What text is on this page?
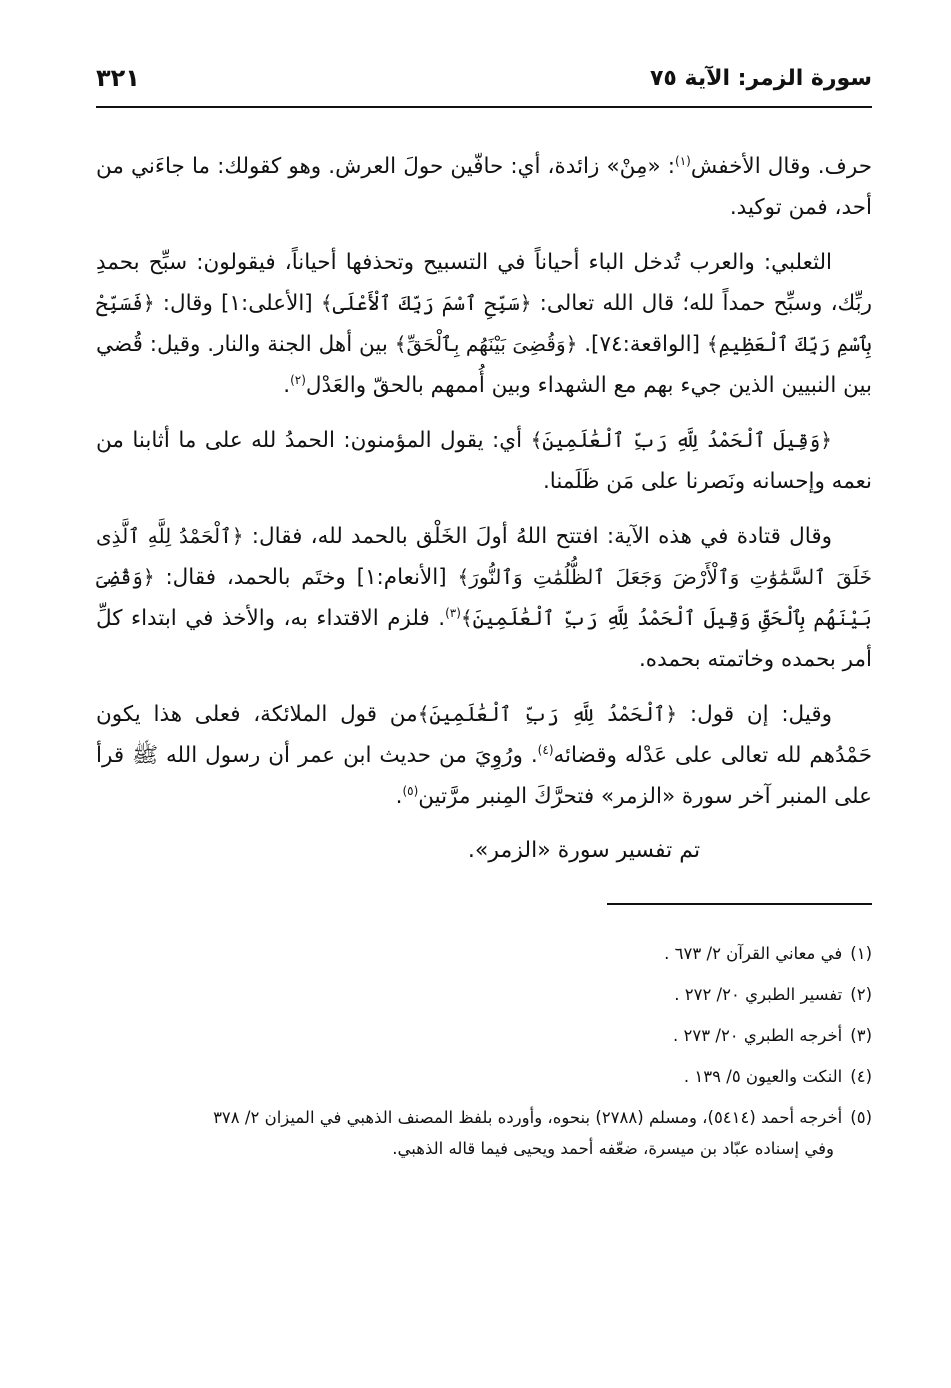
سورة الزمر: الآية ٧٥
٣٢١

حرف. وقال الأخفش$^{(١)}$: «مِنْ» زائدة، أي: حافّين حولَ العرش. وهو كقولك: ما جاءَني من أحد، فمن توكيد.

الثعلبي: والعرب تُدخل الباء أحياناً في التسبيح وتحذفها أحياناً، فيقولون: سبِّح بحمدِ ربِّك، وسبِّح حمداً لله؛ قال الله تعالى: ﴿سَبِّحِ ٱسْمَ رَبِّكَ ٱلْأَعْلَى﴾ [الأعلى:١] وقال: ﴿فَسَبِّحْ بِٱسْمِ رَبِّكَ ٱلْعَظِيمِ﴾ [الواقعة:٧٤]. ﴿وَقُضِىَ بَيْنَهُم بِٱلْحَقِّ﴾ بين أهل الجنة والنار. وقيل: قُضي بين النبيين الذين جيء بهم مع الشهداء وبين أُممهم بالحقّ والعَدْل$^{(٢)}$.

﴿وَقِيلَ ٱلْحَمْدُ لِلَّهِ رَبِّ ٱلْعَٰلَمِينَ﴾ أي: يقول المؤمنون: الحمدُ لله على ما أثابنا من نعمه وإحسانه ونَصرنا على مَن ظَلَمنا.

وقال قتادة في هذه الآية: افتتح اللهُ أولَ الخَلْق بالحمد لله، فقال: ﴿ٱلْحَمْدُ لِلَّهِ ٱلَّذِى خَلَقَ ٱلسَّمَٰوَٰتِ وَٱلْأَرْضَ وَجَعَلَ ٱلظُّلُمَٰتِ وَٱلنُّورَ﴾ [الأنعام:١] وختَم بالحمد، فقال: ﴿وَقُضِىَ بَيْنَهُم بِٱلْحَقِّ وَقِيلَ ٱلْحَمْدُ لِلَّهِ رَبِّ ٱلْعَٰلَمِينَ﴾$^{(٣)}$. فلزم الاقتداء به، والأخذ في ابتداء كلِّ أمر بحمده وخاتمته بحمده.

وقيل: إن قول: ﴿ٱلْحَمْدُ لِلَّهِ رَبِّ ٱلْعَٰلَمِينَ﴾من قول الملائكة، فعلى هذا يكون حَمْدُهم لله تعالى على عَدْله وقضائه$^{(٤)}$. ورُوِيَ من حديث ابن عمر أن رسول الله ﷺ قرأ على المنبر آخر سورة «الزمر» فتحرَّكَ المِنبر مرَّتين$^{(٥)}$.

تم تفسير سورة «الزمر».

(١)في معاني القرآن ٢/ ٦٧٣ .
(٢)تفسير الطبري ٢٠/ ٢٧٢ .
(٣)أخرجه الطبري ٢٠/ ٢٧٣ .
(٤)النكت والعيون ٥/ ١٣٩ .
(٥)أخرجه أحمد (٥٤١٤)، ومسلم (٢٧٨٨) بنحوه، وأورده بلفظ المصنف الذهبي في الميزان ٢/ ٣٧٨
وفي إسناده عبّاد بن ميسرة، ضعّفه أحمد ويحيى فيما قاله الذهبي.
